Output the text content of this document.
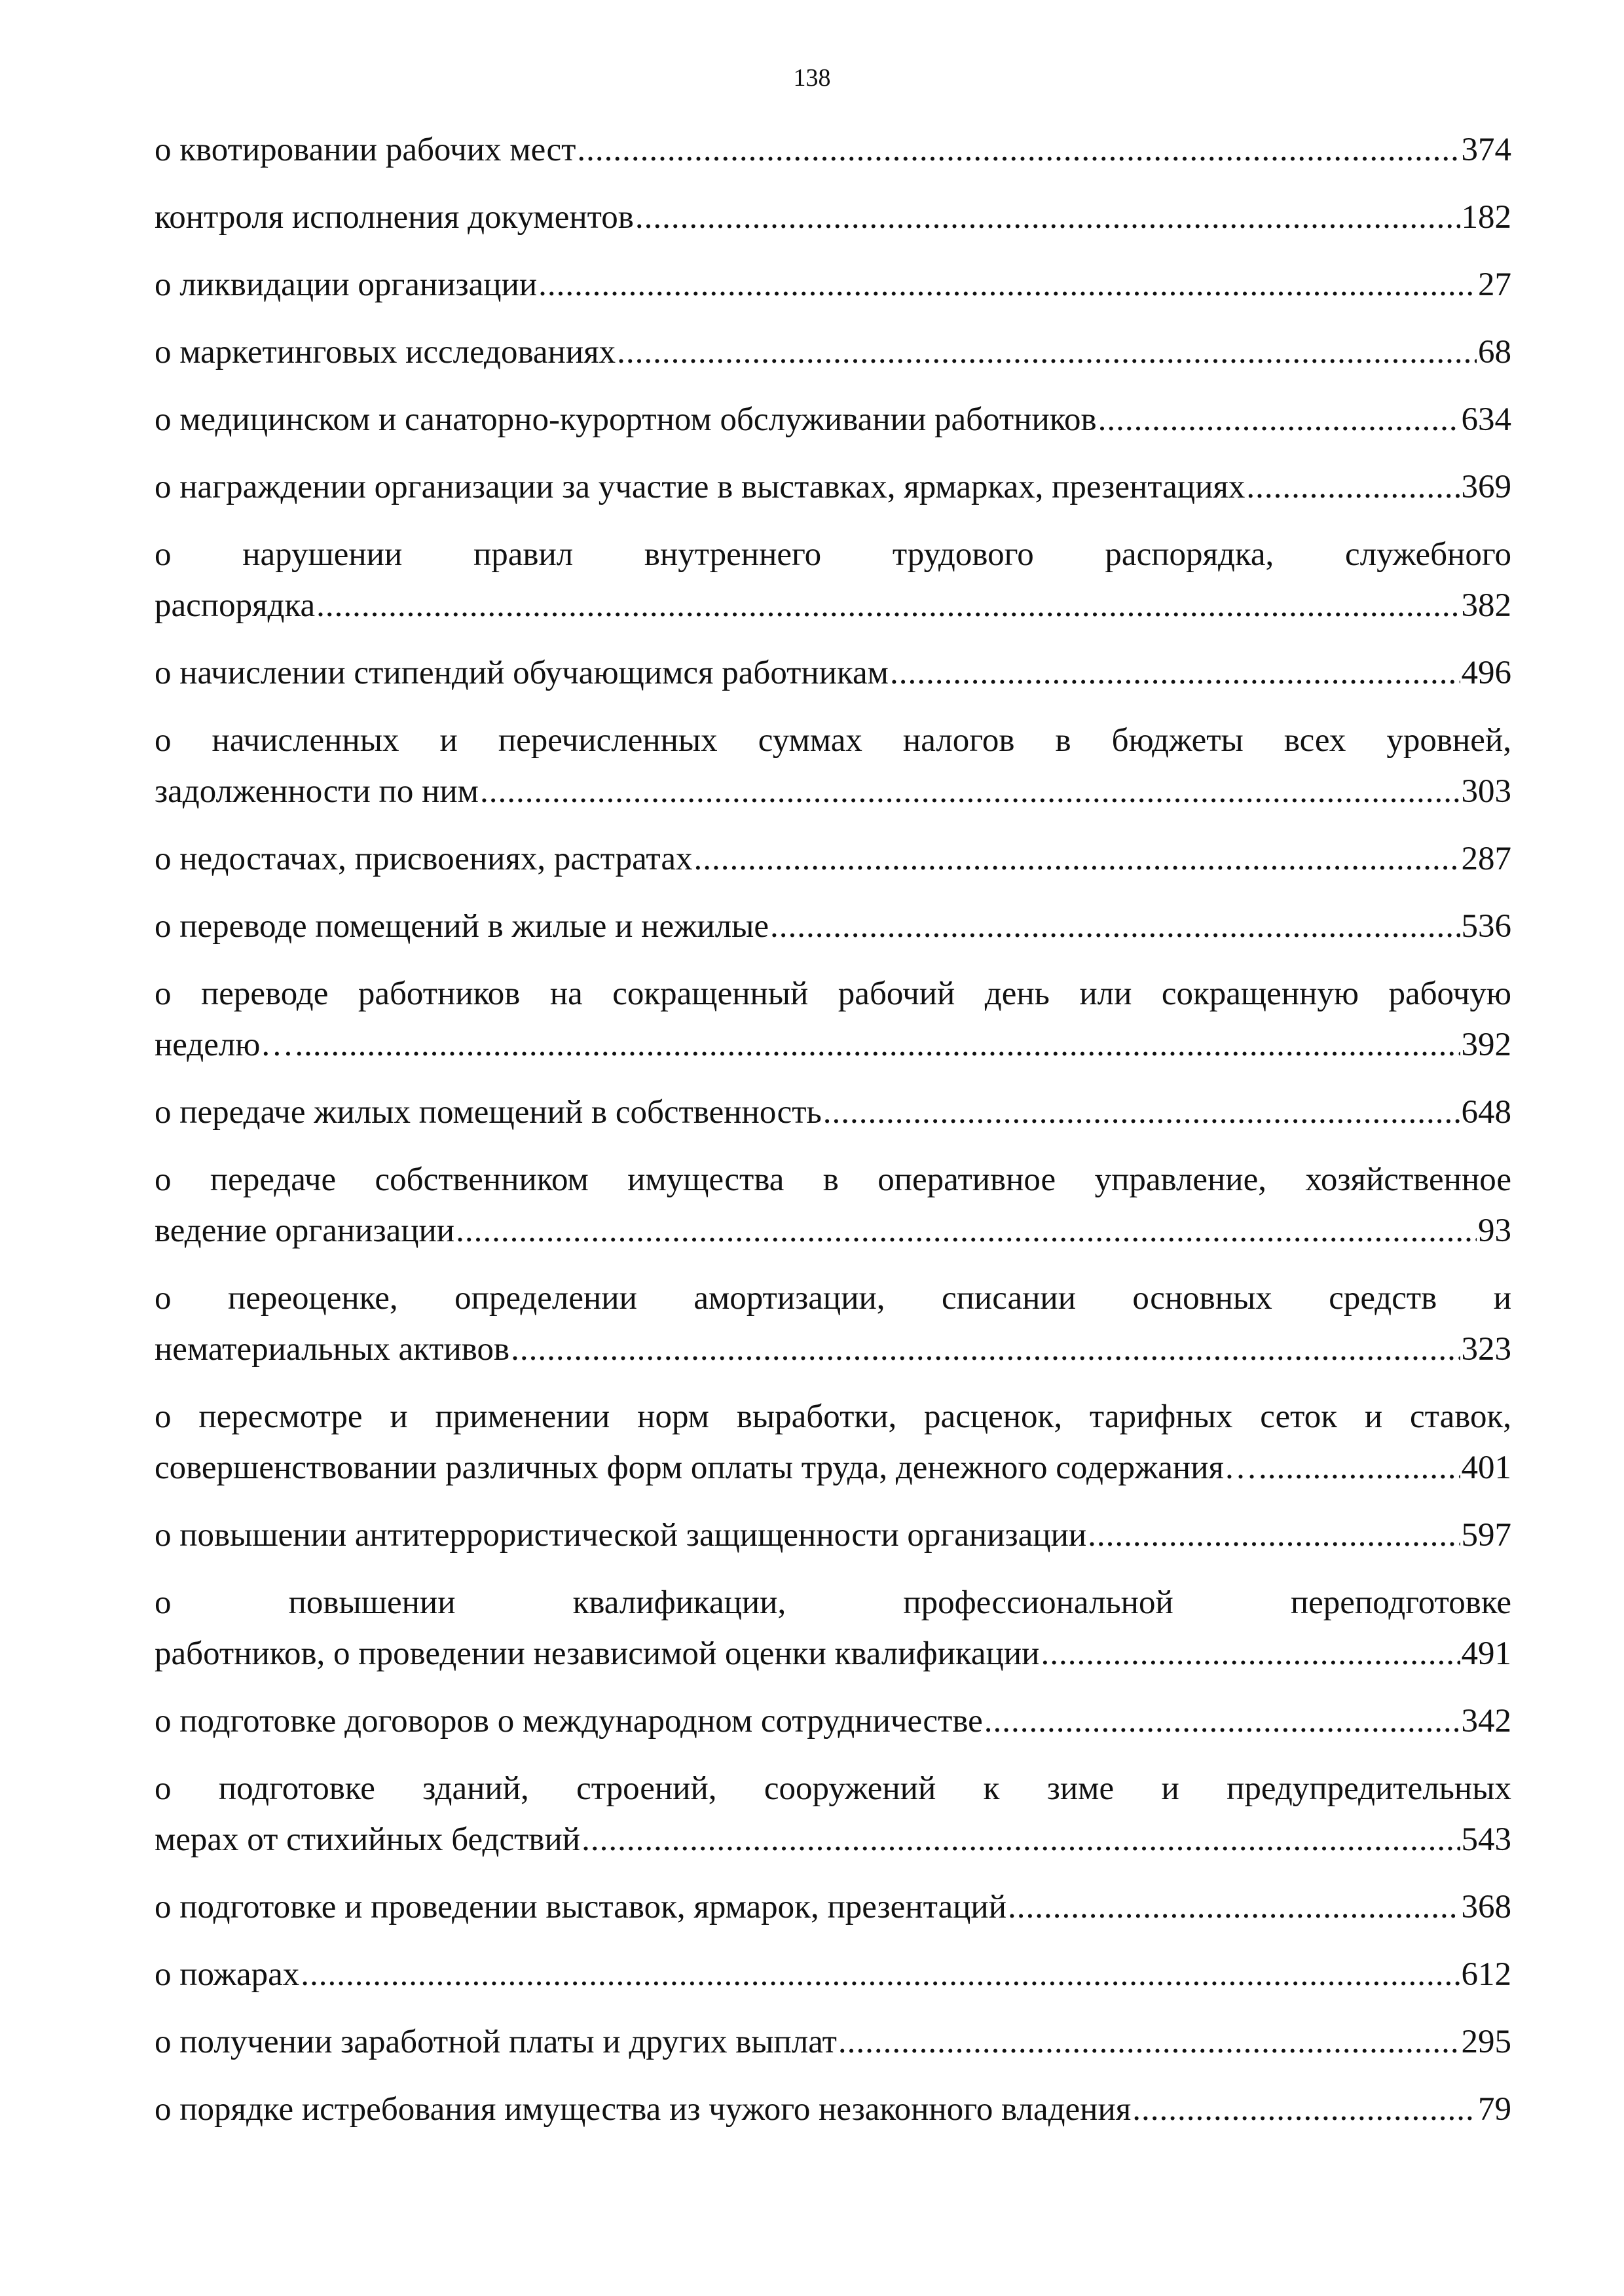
138
о квотировании рабочих мест .....	374
контроля исполнения документов .....	182
о ликвидации организации .....	27
о маркетинговых исследованиях .....	68
о медицинском и санаторно-курортном обслуживании работников .....	634
о награждении организации за участие в выставках, ярмарках, презентациях .....	369
о нарушении правил внутреннего трудового распорядка, служебного
распорядка .....	382
о начислении стипендий обучающимся работникам .....	496
о начисленных и перечисленных суммах налогов в бюджеты всех уровней,
задолженности по ним .....	303
о недостачах, присвоениях, растратах .....	287
о переводе помещений в жилые и нежилые .....	536
о переводе работников на сокращенный рабочий день или сокращенную рабочую
неделю… .....	392
о передаче жилых помещений в собственность .....	648
о передаче собственником имущества в оперативное управление, хозяйственное
ведение организации .....	93
о переоценке, определении амортизации, списании основных средств и
нематериальных активов .....	323
о пересмотре и применении норм выработки, расценок, тарифных сеток и ставок,
совершенствовании различных форм оплаты труда, денежного содержания… .....	401
о повышении антитеррористической защищенности организации .....	597
о повышении квалификации, профессиональной переподготовке
работников, о проведении независимой оценки квалификации .....	491
о подготовке договоров о международном сотрудничестве .....	342
о подготовке зданий, строений, сооружений к зиме и предупредительных
мерах от стихийных бедствий .....	543
о подготовке и проведении выставок, ярмарок, презентаций .....	368
о пожарах .....	612
о получении заработной платы и других выплат .....	295
о порядке истребования имущества из чужого незаконного владения .....	79
